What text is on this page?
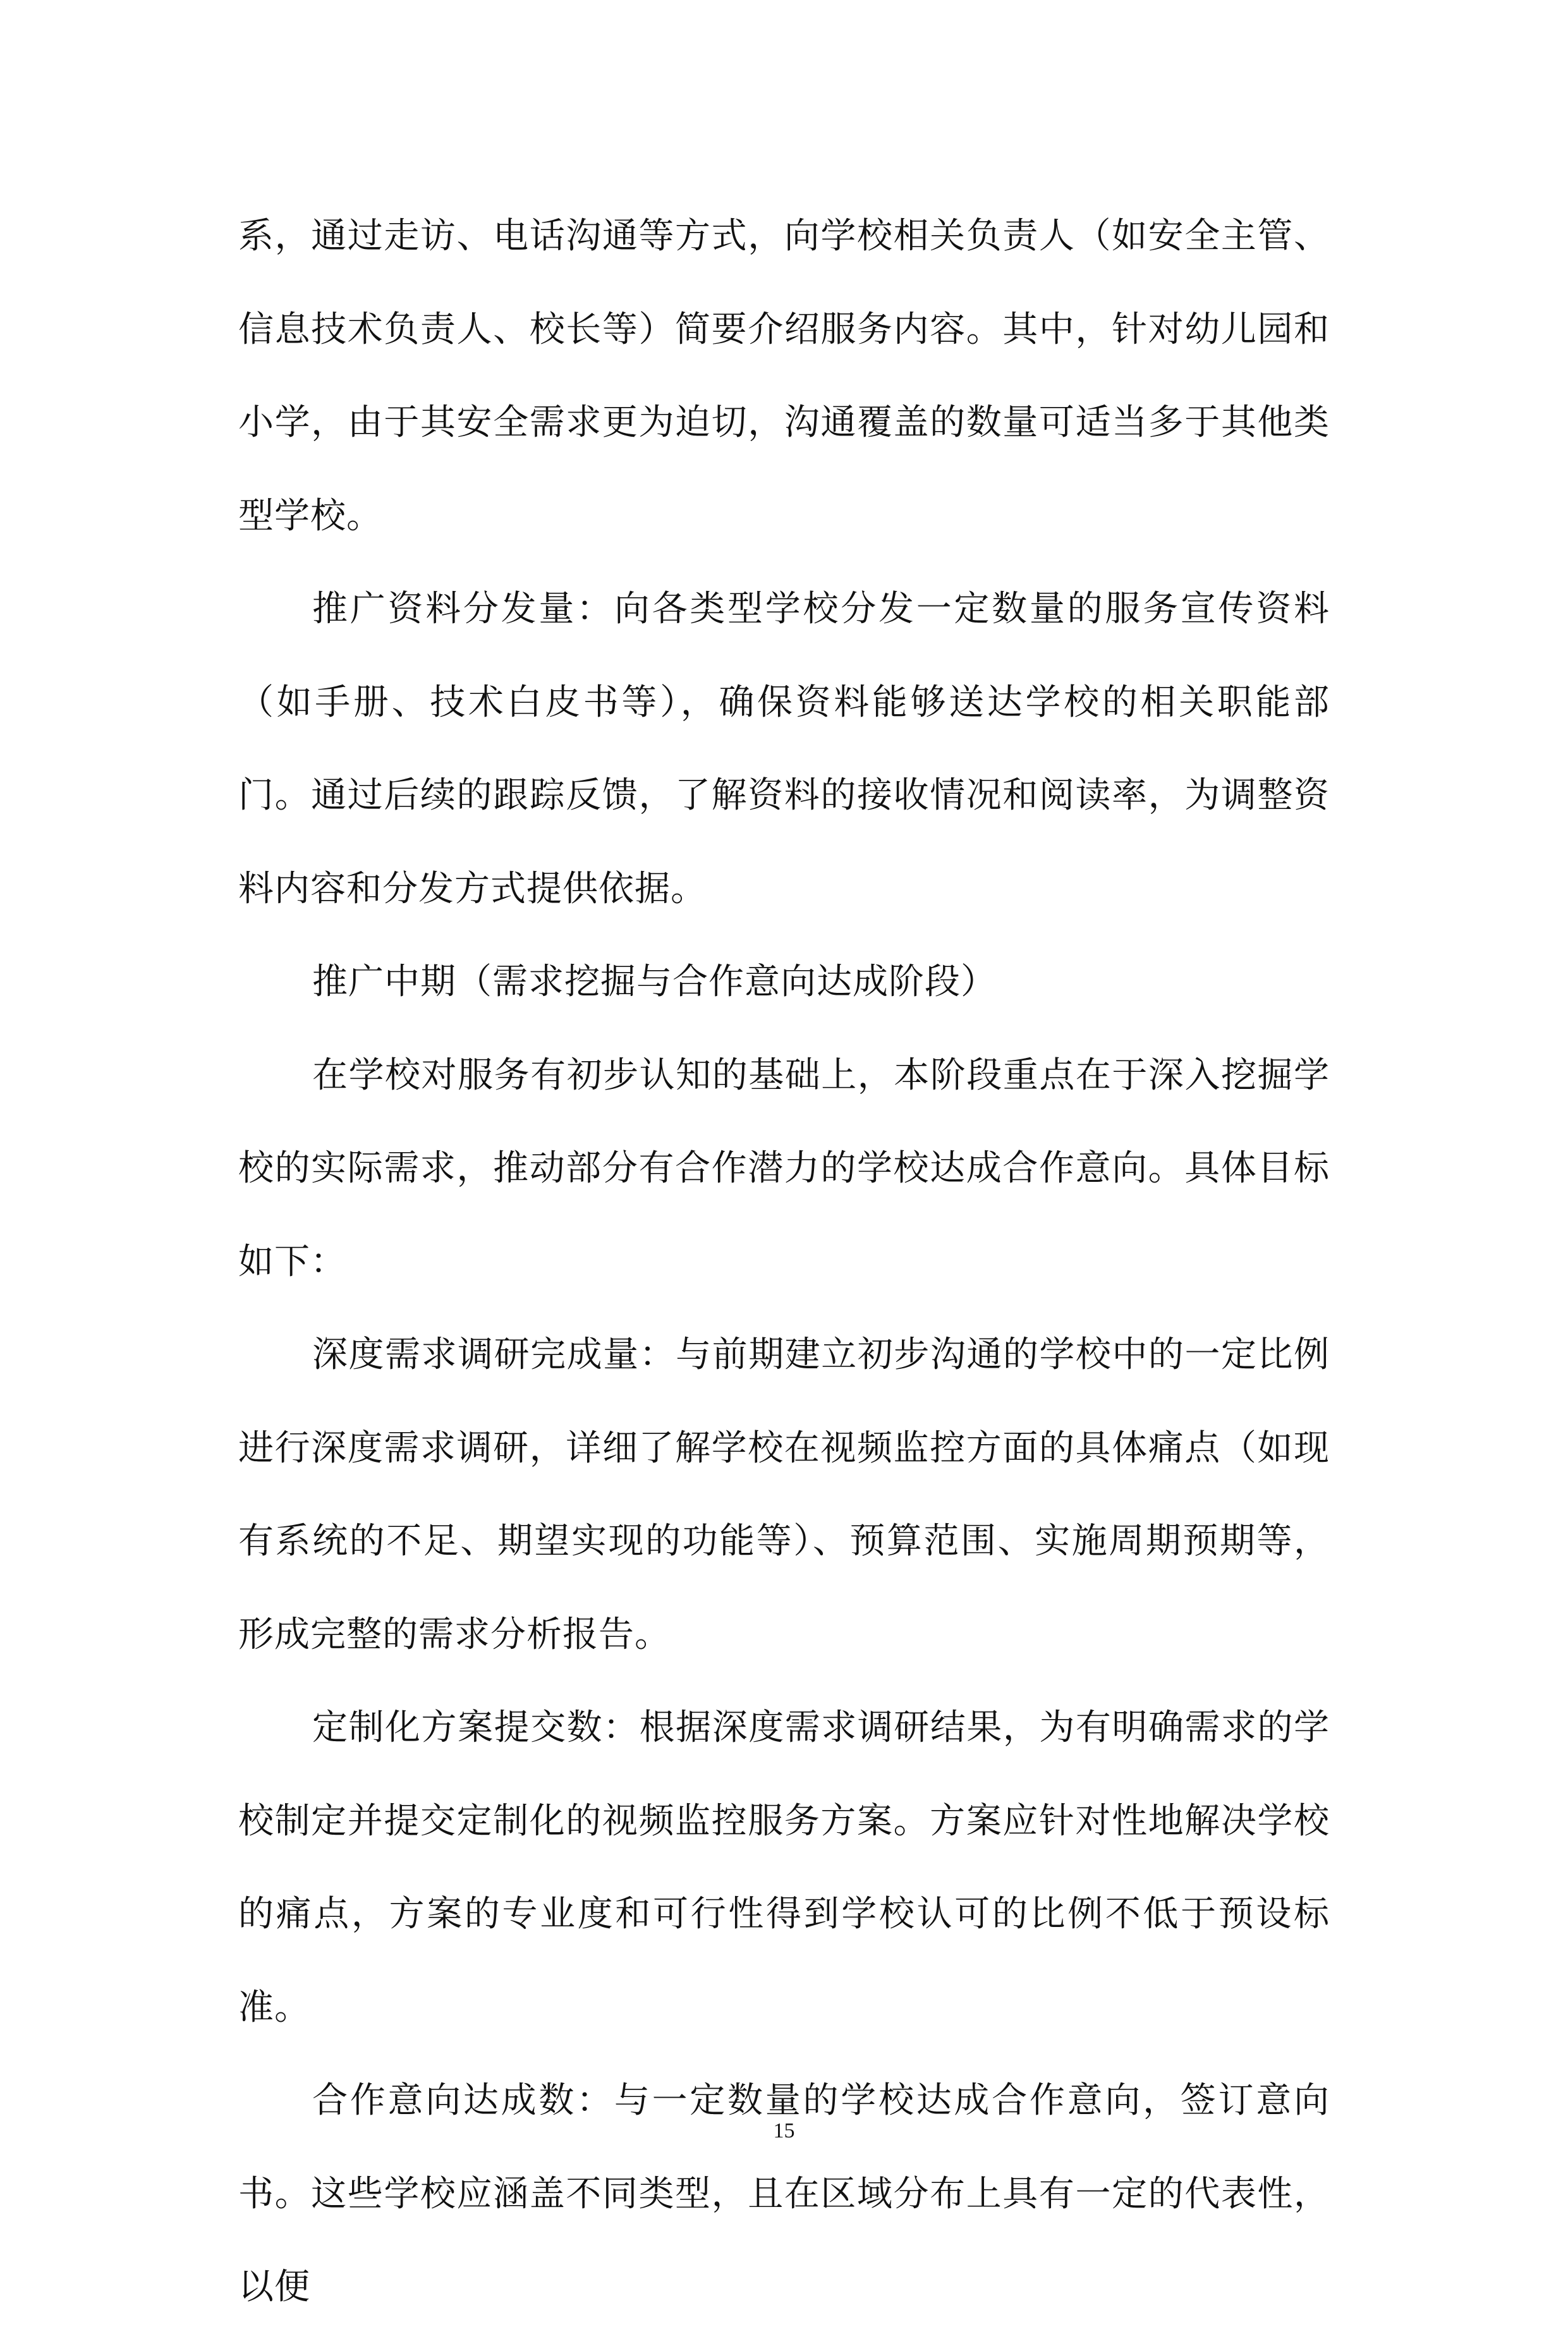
系，通过走访、电话沟通等方式，向学校相关负责人（如安全主管、信息技术负责人、校长等）简要介绍服务内容。其中，针对幼儿园和小学，由于其安全需求更为迫切，沟通覆盖的数量可适当多于其他类型学校。

推广资料分发量：向各类型学校分发一定数量的服务宣传资料（如手册、技术白皮书等），确保资料能够送达学校的相关职能部门。通过后续的跟踪反馈，了解资料的接收情况和阅读率，为调整资料内容和分发方式提供依据。

推广中期（需求挖掘与合作意向达成阶段）

在学校对服务有初步认知的基础上，本阶段重点在于深入挖掘学校的实际需求，推动部分有合作潜力的学校达成合作意向。具体目标如下：

深度需求调研完成量：与前期建立初步沟通的学校中的一定比例进行深度需求调研，详细了解学校在视频监控方面的具体痛点（如现有系统的不足、期望实现的功能等）、预算范围、实施周期预期等，形成完整的需求分析报告。

定制化方案提交数：根据深度需求调研结果，为有明确需求的学校制定并提交定制化的视频监控服务方案。方案应针对性地解决学校的痛点，方案的专业度和可行性得到学校认可的比例不低于预设标准。

合作意向达成数：与一定数量的学校达成合作意向，签订意向书。这些学校应涵盖不同类型，且在区域分布上具有一定的代表性，以便

15
